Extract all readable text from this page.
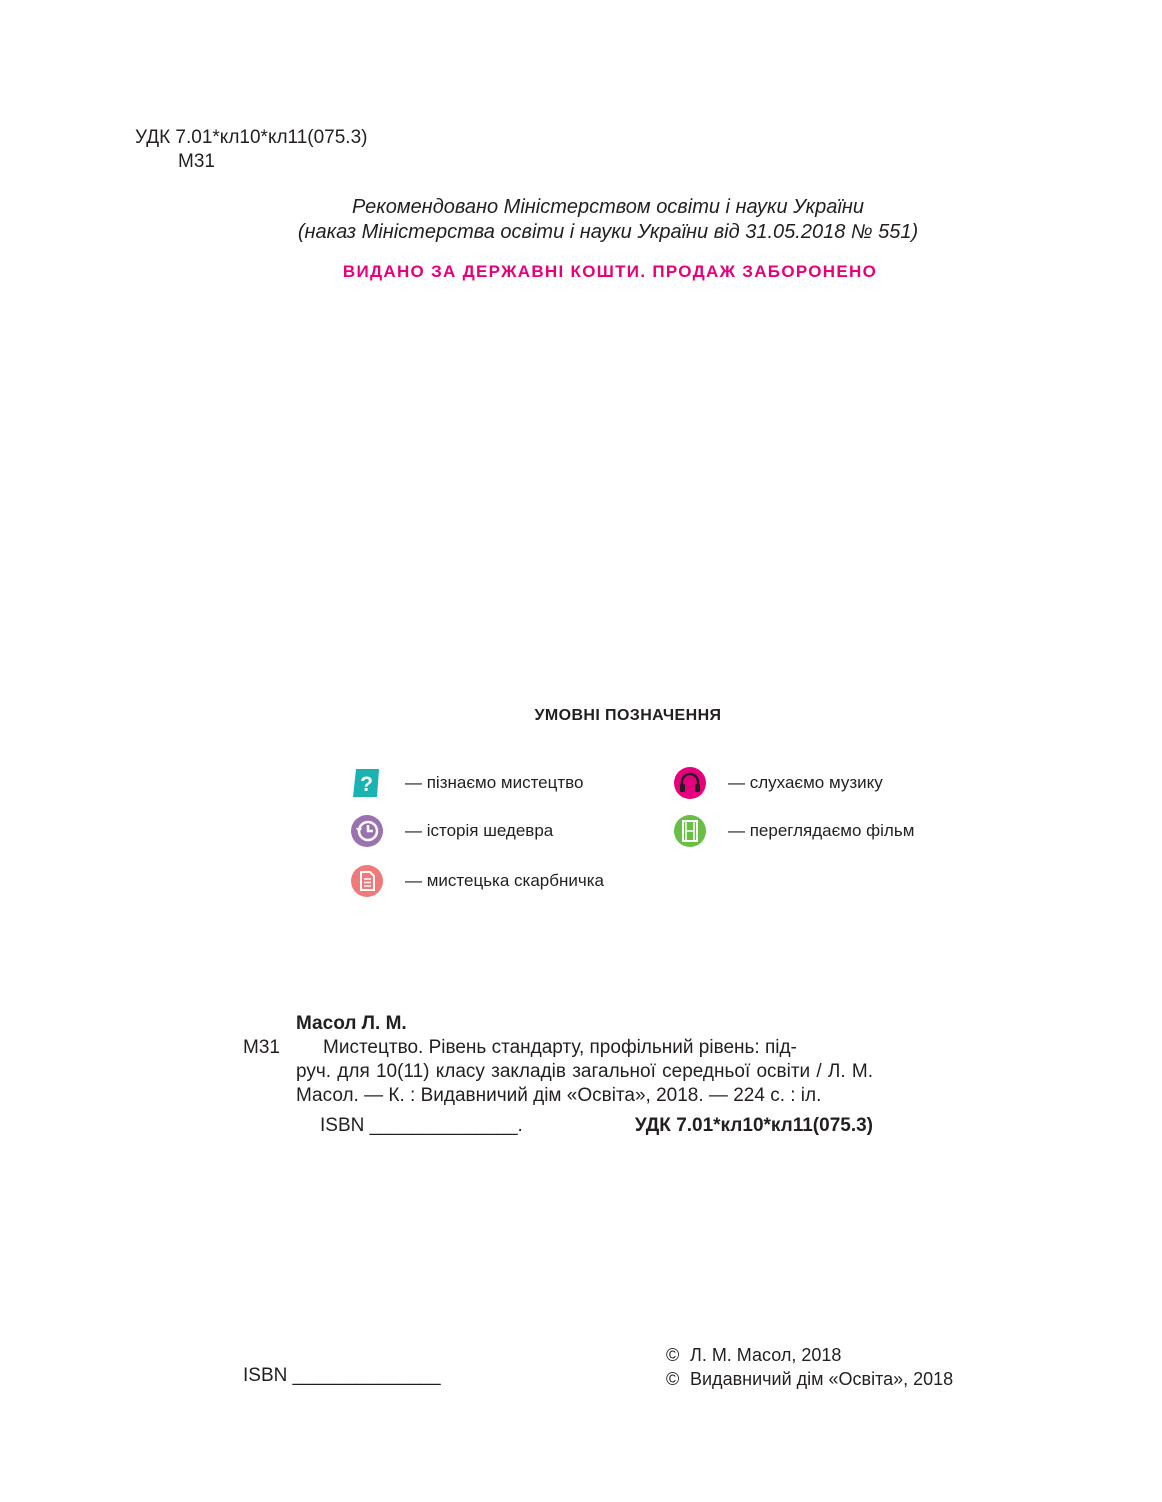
УДК 7.01*кл10*кл11(075.3)
М31
Рекомендовано Міністерством освіти і науки України
(наказ Міністерства освіти і науки України від 31.05.2018 № 551)
ВИДАНО ЗА ДЕРЖАВНІ КОШТИ. ПРОДАЖ ЗАБОРОНЕНО
УМОВНІ ПОЗНАЧЕННЯ
? — пізнаємо мистецтво	— слухаємо музику
— історія шедевра	— переглядаємо фільм
— мистецька скарбничка
Масол Л. М.
М31	Мистецтво. Рівень стандарту, профільний рівень: під-
руч. для 10(11) класу закладів загальної середньої освіти / Л. М. Масол. — К. : Видавничий дім «Освіта», 2018. — 224 с. : іл.
ISBN ______________.	УДК 7.01*кл10*кл11(075.3)
ISBN ______________
© Л. М. Масол, 2018
© Видавничий дім «Освіта», 2018
